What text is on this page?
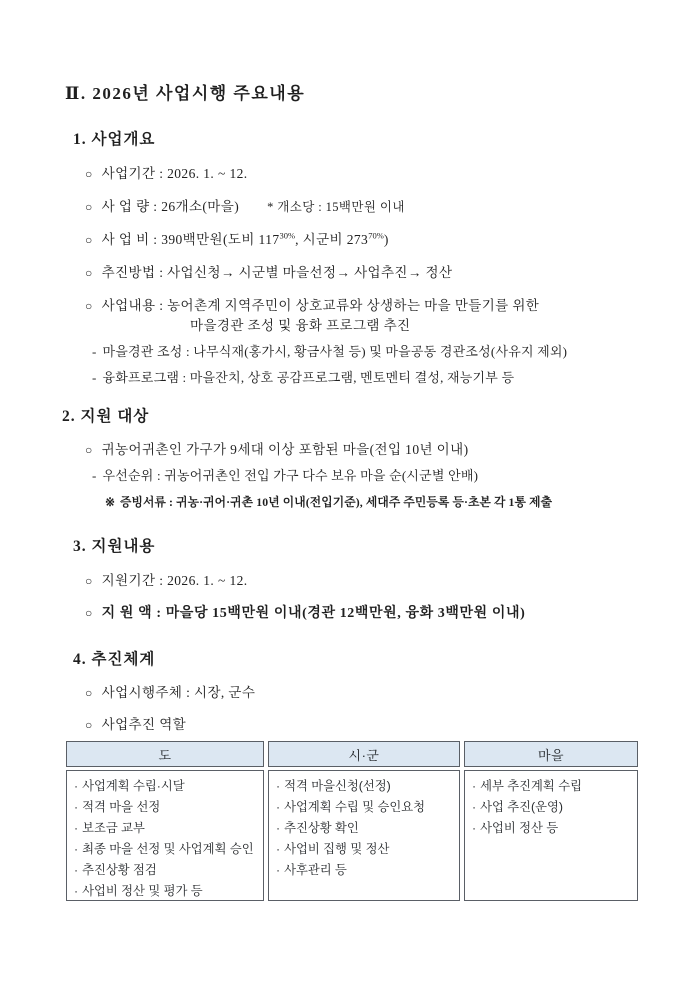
Ⅱ. 2026년 사업시행 주요내용
1. 사업개요
○ 사업기간 : 2026. 1. ~ 12.
○ 사 업 량 : 26개소(마을) * 개소당 : 15백만원 이내
○ 사 업 비 : 390백만원(도비 $117^{30\%}$, 시군비 $273^{70\%}$)
○ 추진방법 : 사업신청→ 시군별 마을선정→ 사업추진→ 정산
○ 사업내용 : 농어촌계 지역주민이 상호교류와 상생하는 마을 만들기를 위한
마을경관 조성 및 융화 프로그램 추진
- 마을경관 조성 : 나무식재(홍가시, 황금사철 등) 및 마을공동 경관조성(사유지 제외)
- 융화프로그램 : 마을잔치, 상호 공감프로그램, 멘토멘티 결성, 재능기부 등
2. 지원 대상
○ 귀농어귀촌인 가구가 9세대 이상 포함된 마을(전입 10년 이내)
- 우선순위 : 귀농어귀촌인 전입 가구 다수 보유 마을 순(시군별 안배)
※ 증빙서류 : 귀농·귀어·귀촌 10년 이내(전입기준), 세대주 주민등록 등·초본 각 1통 제출
3. 지원내용
○ 지원기간 : 2026. 1. ~ 12.
○ 지 원 액 : 마을당 15백만원 이내(경관 12백만원, 융화 3백만원 이내)
4. 추진체계
○ 사업시행주체 : 시장, 군수
○ 사업추진 역할
도
· 사업계획 수립·시달
· 적격 마을 선정
· 보조금 교부
· 최종 마을 선정 및 사업계획 승인
· 추진상황 점검
· 사업비 정산 및 평가 등
시·군
· 적격 마을신청(선정)
· 사업계획 수립 및 승인요청
· 추진상황 확인
· 사업비 집행 및 정산
· 사후관리 등
마을
· 세부 추진계획 수립
· 사업 추진(운영)
· 사업비 정산 등
